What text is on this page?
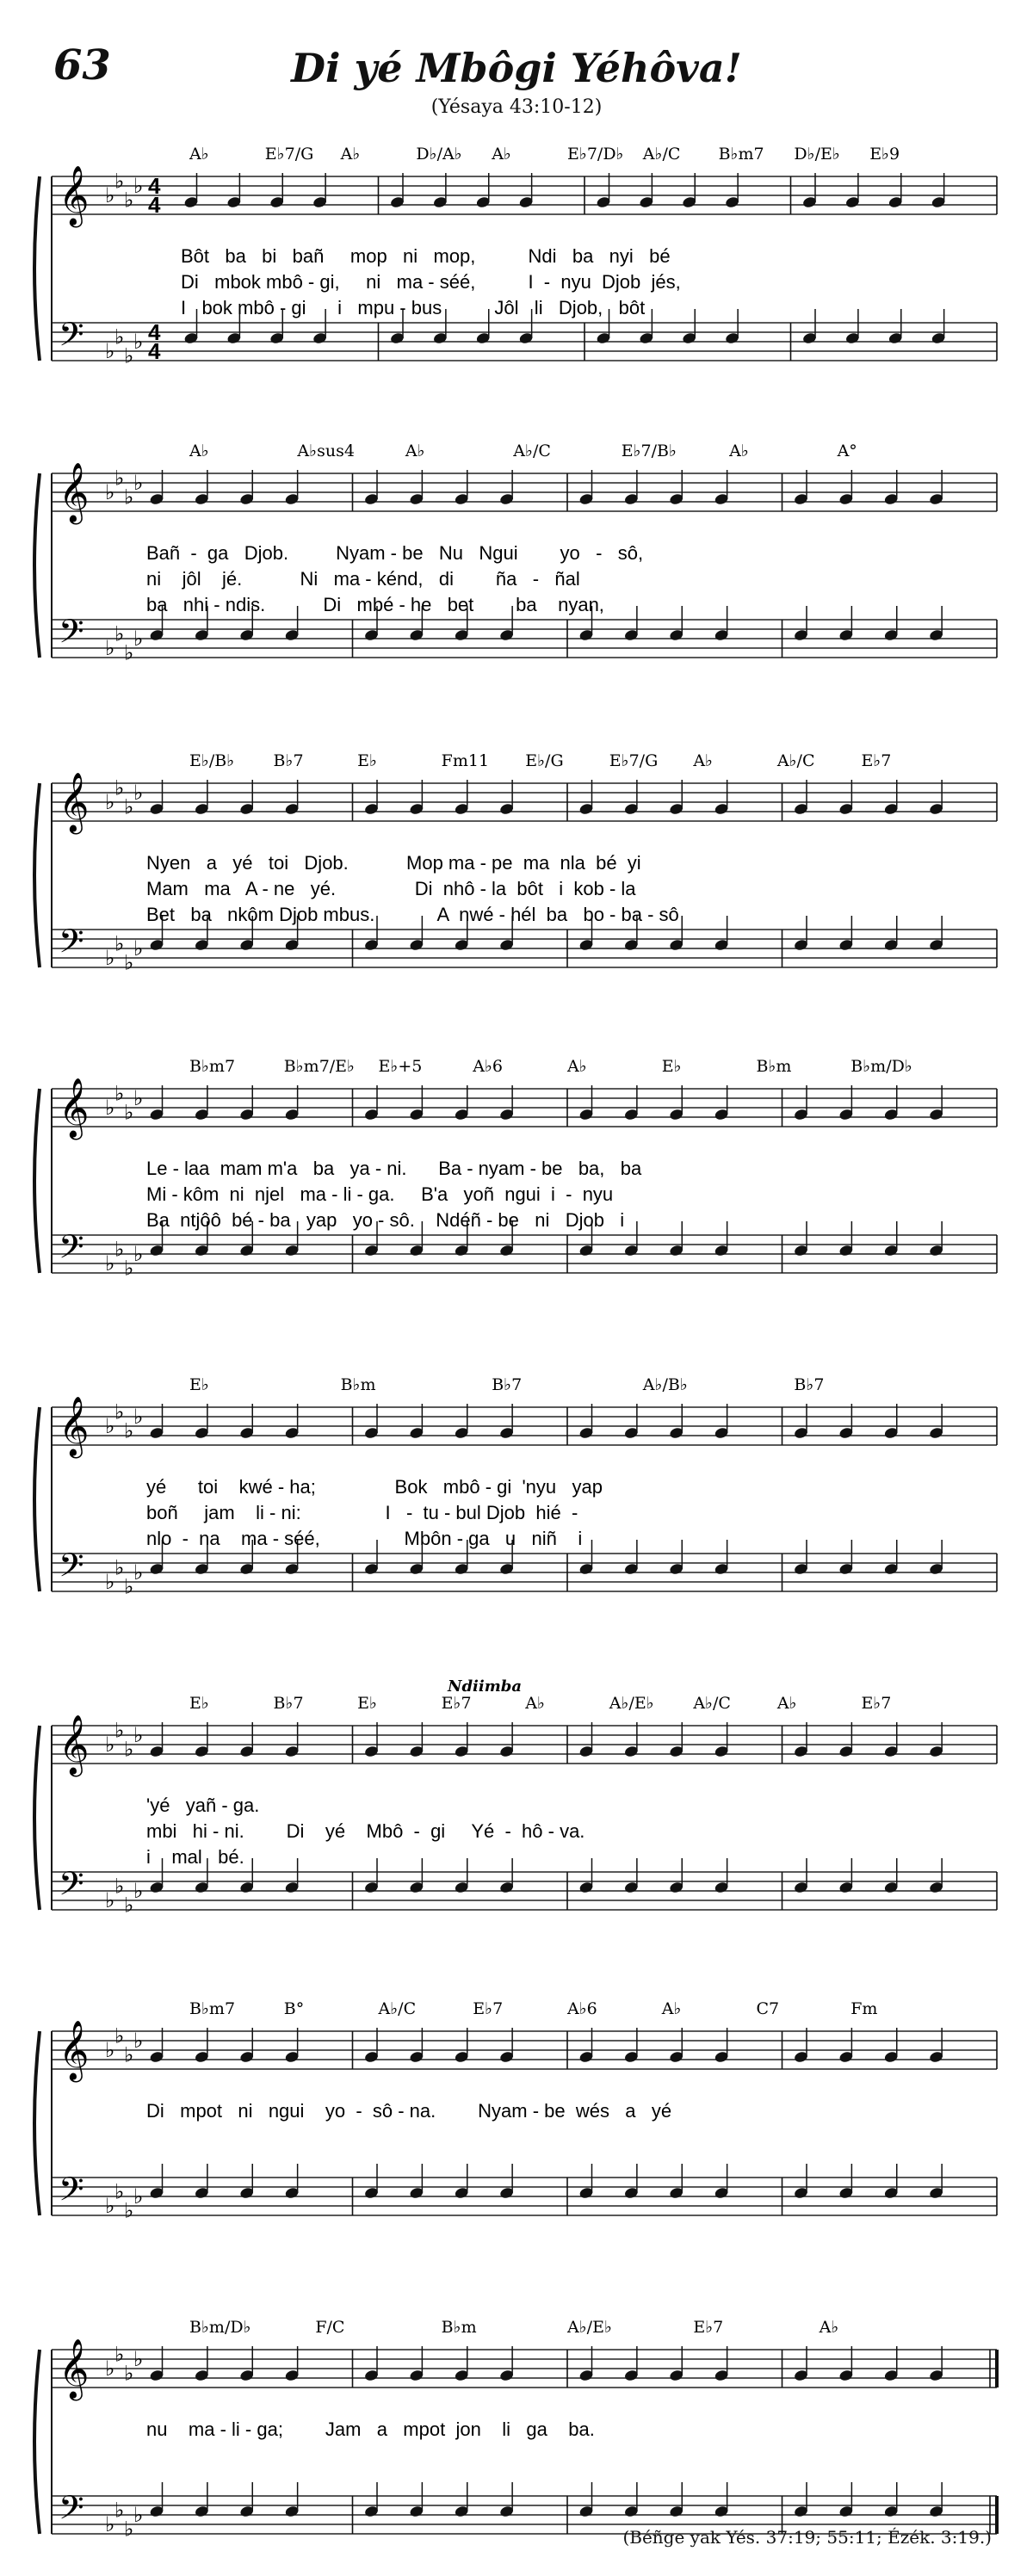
63	Di yé Mbôgi Yéhôva!
(Yésaya 43:10-12)
A♭	E♭7/G A♭	D♭/A♭ A♭	E♭7/D♭ A♭/C B♭m7 D♭/E♭ E♭9
𝄞
𝄢
♭
♭
♭
♭
♭
♭
♭
♭
4
4
4
4
Bôt   ba   bi   bañ     mop   ni   mop,          Ndi   ba   nyi   bé
Di   mbok mbô - gi,     ni   ma - séé,          I  -  nyu  Djob  jés,
I   bok mbô - gi      i   mpu - bus          Jôl   li   Djob,   bôt
A♭	A♭sus4	A♭	A♭/C	E♭7/B♭	A♭	A°
𝄞
𝄢
♭
♭
♭
♭
♭
♭
♭
♭
Bañ  -  ga   Djob.         Nyam - be   Nu   Ngui        yo   -   sô,
ni    jôl    jé.           Ni   ma - kénd,   di        ña   -   ñal
ba   nhi - ndis.           Di   mbé - he   bet        ba    nyan,
E♭/B♭ B♭7	E♭	Fm11 E♭/G	E♭7/G A♭	A♭/C	E♭7
𝄞
𝄢
♭
♭
♭
♭
♭
♭
♭
♭
Nyen   a   yé   toi   Djob.           Mop ma - pe  ma  nla  bé  yi
Mam   ma   A - ne   yé.               Di  nhô - la  bôt   i  kob - la
Bet   ba   nkôm Djob mbus.            A  nwé - hél  ba   bo - ba - sô
B♭m7	B♭m7/E♭ E♭+5	A♭6	A♭	E♭	B♭m	B♭m/D♭
𝄞
𝄢
♭
♭
♭
♭
♭
♭
♭
♭
Le - laa  mam m'a   ba   ya - ni.      Ba - nyam - be   ba,   ba
Mi - kôm  ni  njel   ma - li - ga.     B'a   yoñ  ngui  i  -  nyu
Ba  ntjôô  bé - ba   yap   yo - sô.    Ndéñ - be   ni   Djob   i
E♭	B♭m	B♭7	A♭/B♭	B♭7
𝄞
𝄢
♭
♭
♭
♭
♭
♭
♭
♭
yé      toi    kwé - ha;               Bok   mbô - gi  'nyu   yap
boñ     jam    li - ni:                I   -  tu - bul Djob  hié  -
nlo  -  na    ma - séé,                Mbôn - ga   u   niñ    i
E♭	B♭7	E♭	E♭7	A♭	A♭/E♭ A♭/C	A♭	E♭7
Ndiimba
𝄞
𝄢
♭
♭
♭
♭
♭
♭
♭
♭
'yé   yañ - ga.
mbi   hi - ni.        Di    yé    Mbô  -  gi     Yé  -  hô - va.
i    mal   bé.
B♭m7	B°	A♭/C	E♭7	A♭6	A♭	C7	Fm
𝄞
𝄢
♭
♭
♭
♭
♭
♭
♭
♭
Di   mpot   ni   ngui    yo  -  sô - na.        Nyam - be  wés   a   yé
B♭m/D♭	F/C	B♭m	A♭/E♭	E♭7	A♭
𝄞
𝄢
♭
♭
♭
♭
♭
♭
♭
♭
nu    ma - li - ga;        Jam   a   mpot  jon    li   ga    ba.
(Béñge yak Yés. 37:19; 55:11; Ézék. 3:19.)
